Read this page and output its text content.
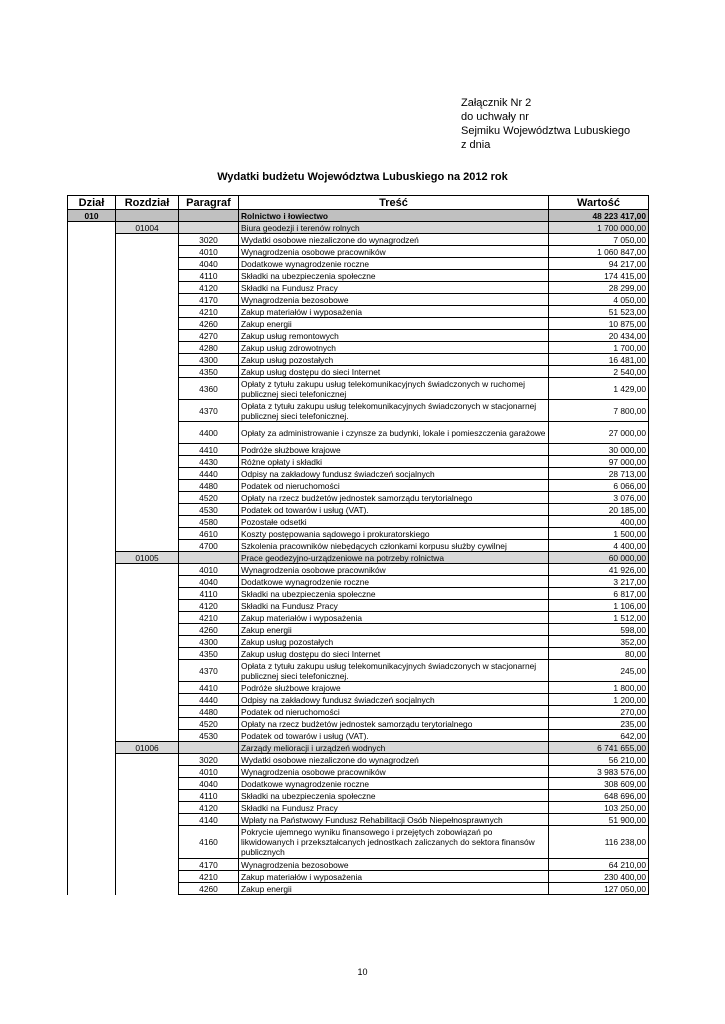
Załącznik Nr 2
do uchwały nr
Sejmiku Województwa Lubuskiego
z dnia
Wydatki budżetu Województwa Lubuskiego na 2012 rok
Dział	Rozdział	Paragraf	Treść	Wartość
010			Rolnictwo i łowiectwo	48 223 417,00
	01004		Biura geodezji i terenów rolnych	1 700 000,00
		3020	Wydatki osobowe niezaliczone do wynagrodzeń	7 050,00
		4010	Wynagrodzenia osobowe pracowników	1 060 847,00
		4040	Dodatkowe wynagrodzenie roczne	94 217,00
		4110	Składki na ubezpieczenia społeczne	174 415,00
		4120	Składki na Fundusz Pracy	28 299,00
		4170	Wynagrodzenia bezosobowe	4 050,00
		4210	Zakup materiałów i wyposażenia	51 523,00
		4260	Zakup energii	10 875,00
		4270	Zakup usług remontowych	20 434,00
		4280	Zakup usług zdrowotnych	1 700,00
		4300	Zakup usług pozostałych	16 481,00
		4350	Zakup usług dostępu do sieci Internet	2 540,00
		4360	Opłaty z tytułu zakupu usług telekomunikacyjnych świadczonych w ruchomej publicznej sieci telefonicznej	1 429,00
		4370	Opłata z tytułu zakupu usług telekomunikacyjnych świadczonych w stacjonarnej publicznej sieci telefonicznej.	7 800,00
		4400	Opłaty za administrowanie i czynsze za budynki, lokale i pomieszczenia garażowe	27 000,00
		4410	Podróże służbowe krajowe	30 000,00
		4430	Różne opłaty i składki	97 000,00
		4440	Odpisy na zakładowy fundusz świadczeń socjalnych	28 713,00
		4480	Podatek od nieruchomości	6 066,00
		4520	Opłaty na rzecz budżetów jednostek samorządu terytorialnego	3 076,00
		4530	Podatek od towarów i usług (VAT).	20 185,00
		4580	Pozostałe odsetki	400,00
		4610	Koszty postępowania sądowego i prokuratorskiego	1 500,00
		4700	Szkolenia pracowników niebędących członkami korpusu służby cywilnej	4 400,00
	01005		Prace geodezyjno-urządzeniowe na potrzeby rolnictwa	60 000,00
		4010	Wynagrodzenia osobowe pracowników	41 926,00
		4040	Dodatkowe wynagrodzenie roczne	3 217,00
		4110	Składki na ubezpieczenia społeczne	6 817,00
		4120	Składki na Fundusz Pracy	1 106,00
		4210	Zakup materiałów i wyposażenia	1 512,00
		4260	Zakup energii	598,00
		4300	Zakup usług pozostałych	352,00
		4350	Zakup usług dostępu do sieci Internet	80,00
		4370	Opłata z tytułu zakupu usług telekomunikacyjnych świadczonych w stacjonarnej publicznej sieci telefonicznej.	245,00
		4410	Podróże służbowe krajowe	1 800,00
		4440	Odpisy na zakładowy fundusz świadczeń socjalnych	1 200,00
		4480	Podatek od nieruchomości	270,00
		4520	Opłaty na rzecz budżetów jednostek samorządu terytorialnego	235,00
		4530	Podatek od towarów i usług (VAT).	642,00
	01006		Zarządy melioracji i urządzeń wodnych	6 741 655,00
		3020	Wydatki osobowe niezaliczone do wynagrodzeń	56 210,00
		4010	Wynagrodzenia osobowe pracowników	3 983 576,00
		4040	Dodatkowe wynagrodzenie roczne	308 609,00
		4110	Składki na ubezpieczenia społeczne	648 696,00
		4120	Składki na Fundusz Pracy	103 250,00
		4140	Wpłaty na Państwowy Fundusz Rehabilitacji Osób Niepełnosprawnych	51 900,00
		4160	Pokrycie ujemnego wyniku finansowego i przejętych zobowiązań po likwidowanych i przekształcanych jednostkach zaliczanych do sektora finansów publicznych	116 238,00
		4170	Wynagrodzenia bezosobowe	64 210,00
		4210	Zakup materiałów i wyposażenia	230 400,00
		4260	Zakup energii	127 050,00
10
